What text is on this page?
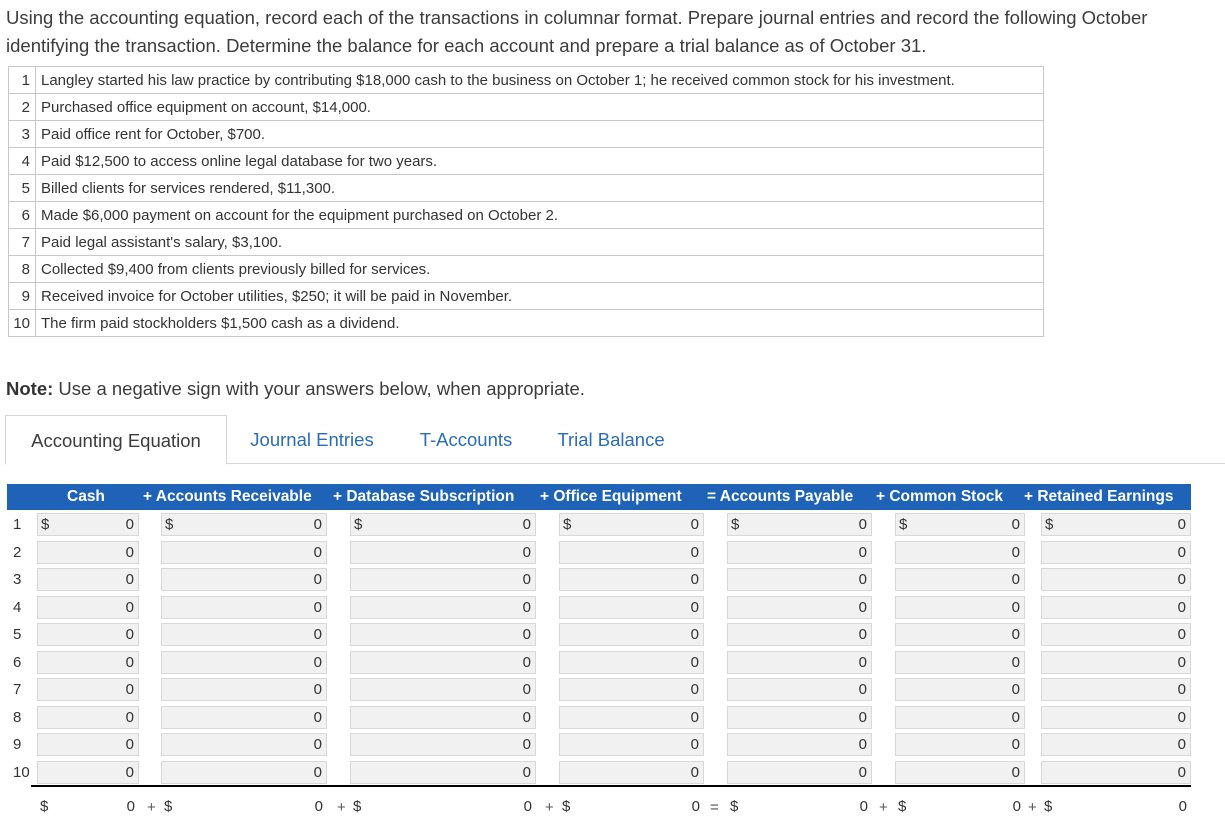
Using the accounting equation, record each of the transactions in columnar format. Prepare journal entries and record the following October
identifying the transaction. Determine the balance for each account and prepare a trial balance as of October 31.
1	Langley started his law practice by contributing $18,000 cash to the business on October 1; he received common stock for his investment.
2	Purchased office equipment on account, $14,000.
3	Paid office rent for October, $700.
4	Paid $12,500 to access online legal database for two years.
5	Billed clients for services rendered, $11,300.
6	Made $6,000 payment on account for the equipment purchased on October 2.
7	Paid legal assistant's salary, $3,100.
8	Collected $9,400 from clients previously billed for services.
9	Received invoice for October utilities, $250; it will be paid in November.
10	The firm paid stockholders $1,500 cash as a dividend.
Note: Use a negative sign with your answers below, when appropriate.
Accounting Equation	Journal Entries	T-Accounts	Trial Balance
Cash + Accounts Receivable + Database Subscription + Office Equipment = Accounts Payable + Common Stock + Retained Earnings
1 $	0 $	0 $	0 $	0 $	0 $	0 $	0
2	0	0	0	0	0	0	0
3	0	0	0	0	0	0	0
4	0	0	0	0	0	0	0
5	0	0	0	0	0	0	0
6	0	0	0	0	0	0	0
7	0	0	0	0	0	0	0
8	0	0	0	0	0	0	0
9	0	0	0	0	0	0	0
10	0	0	0	0	0	0	0
$	0 $	0 $	0 $	0 $	0 $	0 $	0
+	+	+	=	+	+
